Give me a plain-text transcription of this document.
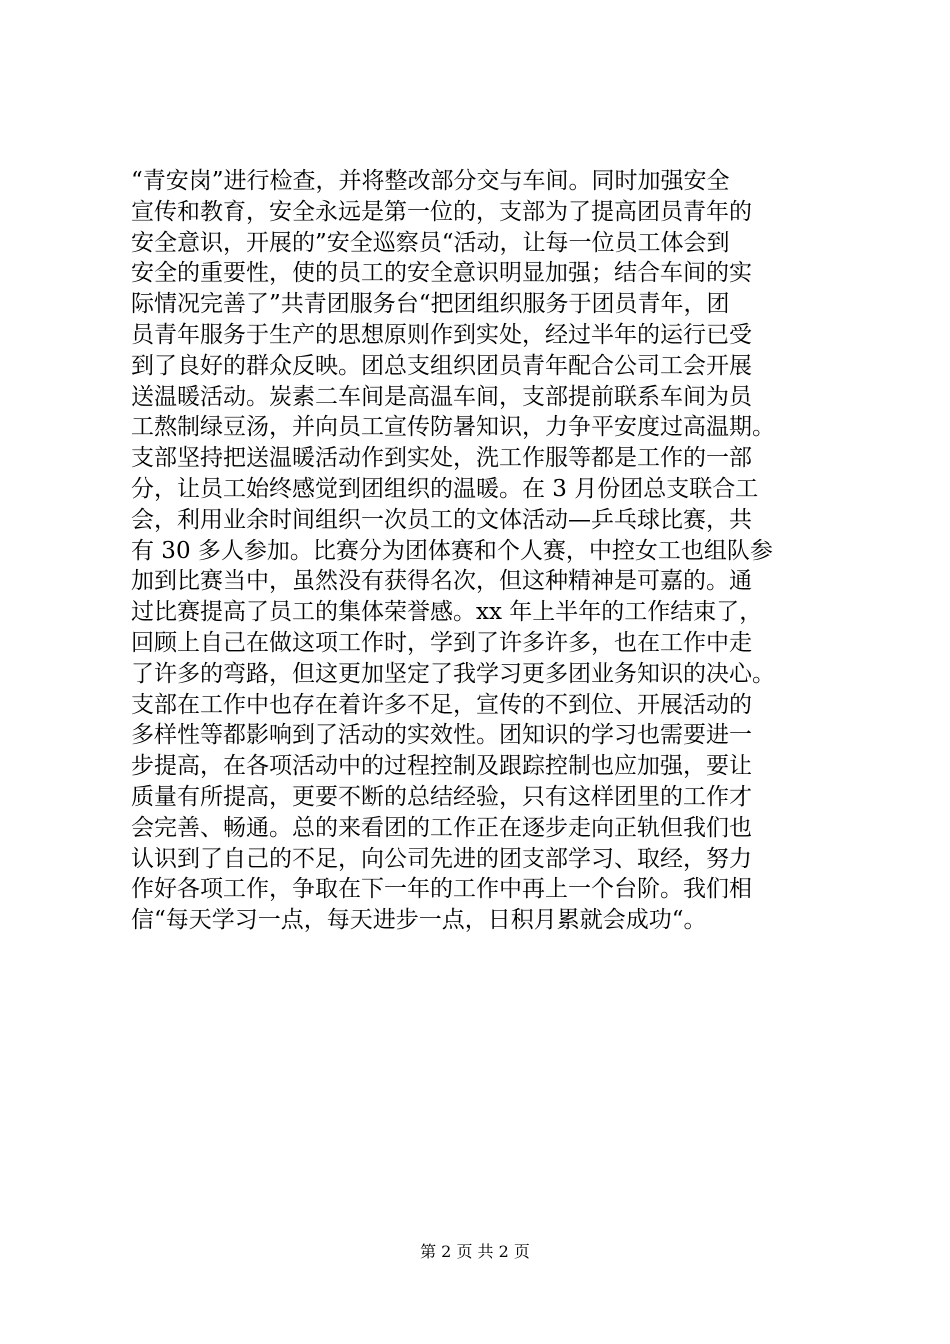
“青安岗”进行检查，并将整改部分交与车间。同时加强安全
宣传和教育，安全永远是第一位的，支部为了提高团员青年的
安全意识，开展的”安全巡察员“活动，让每一位员工体会到
安全的重要性，使的员工的安全意识明显加强；结合车间的实
际情况完善了”共青团服务台“把团组织服务于团员青年，团
员青年服务于生产的思想原则作到实处，经过半年的运行已受
到了良好的群众反映。团总支组织团员青年配合公司工会开展
送温暖活动。炭素二车间是高温车间，支部提前联系车间为员
工熬制绿豆汤，并向员工宣传防暑知识，力争平安度过高温期。
支部坚持把送温暖活动作到实处，洗工作服等都是工作的一部
分，让员工始终感觉到团组织的温暖。在 3 月份团总支联合工
会，利用业余时间组织一次员工的文体活动—乒乓球比赛，共
有 30 多人参加。比赛分为团体赛和个人赛，中控女工也组队参
加到比赛当中，虽然没有获得名次，但这种精神是可嘉的。通
过比赛提高了员工的集体荣誉感。xx 年上半年的工作结束了，
回顾上自己在做这项工作时，学到了许多许多，也在工作中走
了许多的弯路，但这更加坚定了我学习更多团业务知识的决心。
支部在工作中也存在着许多不足，宣传的不到位、开展活动的
多样性等都影响到了活动的实效性。团知识的学习也需要进一
步提高，在各项活动中的过程控制及跟踪控制也应加强，要让
质量有所提高，更要不断的总结经验，只有这样团里的工作才
会完善、畅通。总的来看团的工作正在逐步走向正轨但我们也
认识到了自己的不足，向公司先进的团支部学习、取经，努力
作好各项工作，争取在下一年的工作中再上一个台阶。我们相
信“每天学习一点，每天进步一点，日积月累就会成功“。
第 2 页 共 2 页
